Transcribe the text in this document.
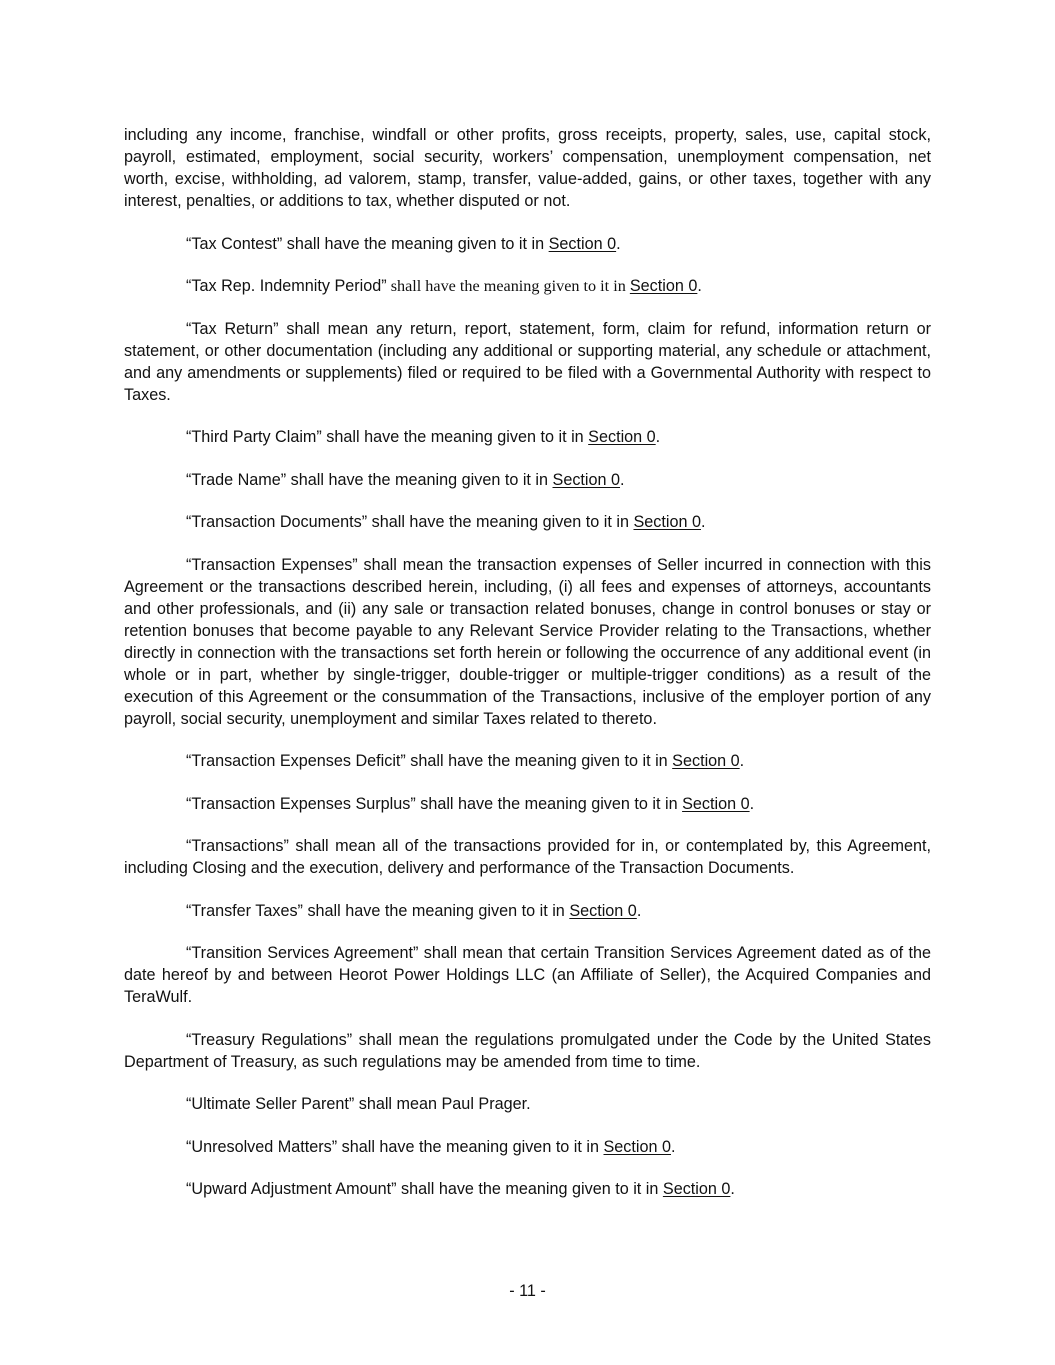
including any income, franchise, windfall or other profits, gross receipts, property, sales, use, capital stock, payroll, estimated, employment, social security, workers’ compensation, unemployment compensation, net worth, excise, withholding, ad valorem, stamp, transfer, value-added, gains, or other taxes, together with any interest, penalties, or additions to tax, whether disputed or not.

“Tax Contest” shall have the meaning given to it in Section 0.

“Tax Rep. Indemnity Period” shall have the meaning given to it in Section 0.

“Tax Return” shall mean any return, report, statement, form, claim for refund, information return or statement, or other documentation (including any additional or supporting material, any schedule or attachment, and any amendments or supplements) filed or required to be filed with a Governmental Authority with respect to Taxes.

“Third Party Claim” shall have the meaning given to it in Section 0.

“Trade Name” shall have the meaning given to it in Section 0.

“Transaction Documents” shall have the meaning given to it in Section 0.

“Transaction Expenses” shall mean the transaction expenses of Seller incurred in connection with this Agreement or the transactions described herein, including, (i) all fees and expenses of attorneys, accountants and other professionals, and (ii) any sale or transaction related bonuses, change in control bonuses or stay or retention bonuses that become payable to any Relevant Service Provider relating to the Transactions, whether directly in connection with the transactions set forth herein or following the occurrence of any additional event (in whole or in part, whether by single-trigger, double-trigger or multiple-trigger conditions) as a result of the execution of this Agreement or the consummation of the Transactions, inclusive of the employer portion of any payroll, social security, unemployment and similar Taxes related to thereto.

“Transaction Expenses Deficit” shall have the meaning given to it in Section 0.

“Transaction Expenses Surplus” shall have the meaning given to it in Section 0.

“Transactions” shall mean all of the transactions provided for in, or contemplated by, this Agreement, including Closing and the execution, delivery and performance of the Transaction Documents.

“Transfer Taxes” shall have the meaning given to it in Section 0.

“Transition Services Agreement” shall mean that certain Transition Services Agreement dated as of the date hereof by and between Heorot Power Holdings LLC (an Affiliate of Seller), the Acquired Companies and TeraWulf.

“Treasury Regulations” shall mean the regulations promulgated under the Code by the United States Department of Treasury, as such regulations may be amended from time to time.

“Ultimate Seller Parent” shall mean Paul Prager.

“Unresolved Matters” shall have the meaning given to it in Section 0.

“Upward Adjustment Amount” shall have the meaning given to it in Section 0.

- 11 -
